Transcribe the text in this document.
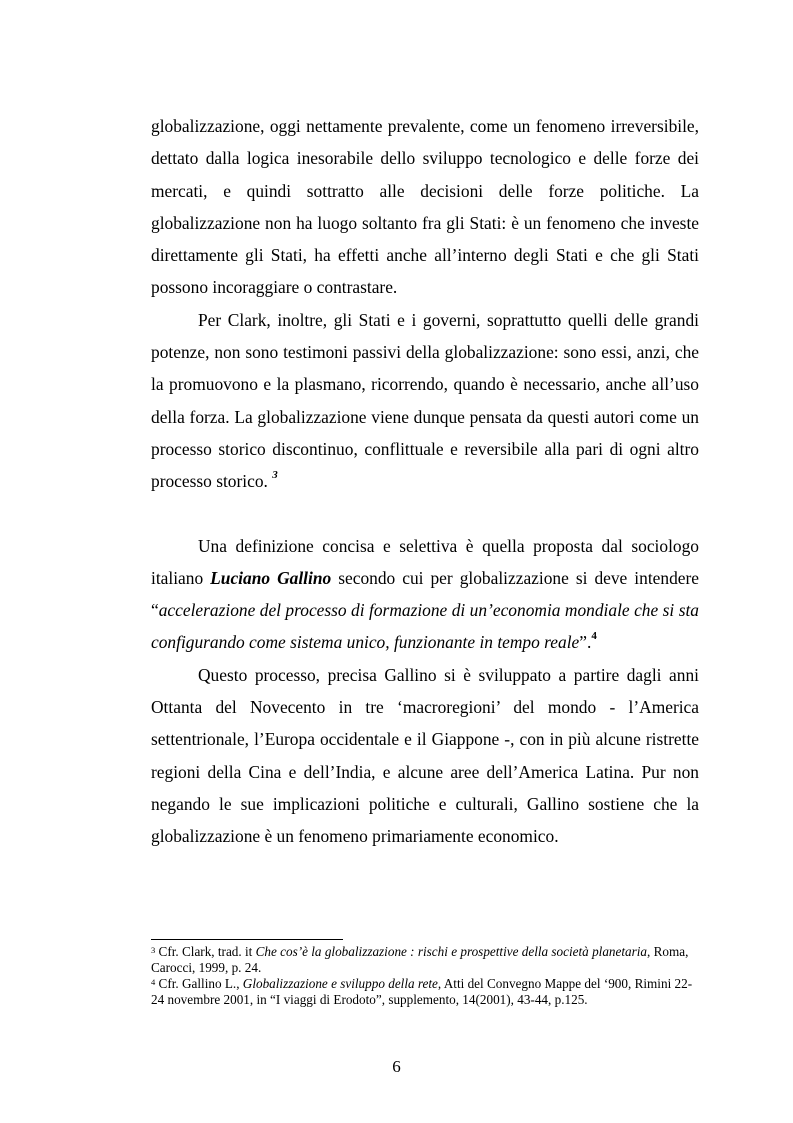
globalizzazione, oggi nettamente prevalente, come un fenomeno irreversibile, dettato dalla logica inesorabile dello sviluppo tecnologico e delle forze dei mercati, e quindi sottratto alle decisioni delle forze politiche. La globalizzazione non ha luogo soltanto fra gli Stati: è un fenomeno che investe direttamente gli Stati, ha effetti anche all’interno degli Stati e che gli Stati possono incoraggiare o contrastare.

Per Clark, inoltre, gli Stati e i governi, soprattutto quelli delle grandi potenze, non sono testimoni passivi della globalizzazione: sono essi, anzi, che la promuovono e la plasmano, ricorrendo, quando è necessario, anche all’uso della forza. La globalizzazione viene dunque pensata da questi autori come un processo storico discontinuo, conflittuale e reversibile alla pari di ogni altro processo storico. $^3$

Una definizione concisa e selettiva è quella proposta dal sociologo italiano Luciano Gallino secondo cui per globalizzazione si deve intendere “accelerazione del processo di formazione di un’economia mondiale che si sta configurando come sistema unico, funzionante in tempo reale”.$^4$

Questo processo, precisa Gallino si è sviluppato a partire dagli anni Ottanta del Novecento in tre ‘macroregioni’ del mondo - l’America settentrionale, l’Europa occidentale e il Giappone -, con in più alcune ristrette regioni della Cina e dell’India, e alcune aree dell’America Latina. Pur non negando le sue implicazioni politiche e culturali, Gallino sostiene che la globalizzazione è un fenomeno primariamente economico.

$^3$ Cfr. Clark, trad. it Che cos’è la globalizzazione : rischi e prospettive della società planetaria, Roma, Carocci, 1999, p. 24.

$^4$ Cfr. Gallino L., Globalizzazione e sviluppo della rete, Atti del Convegno Mappe del ‘900, Rimini 22-24 novembre 2001, in “I viaggi di Erodoto”, supplemento, 14(2001), 43-44, p.125.

6
